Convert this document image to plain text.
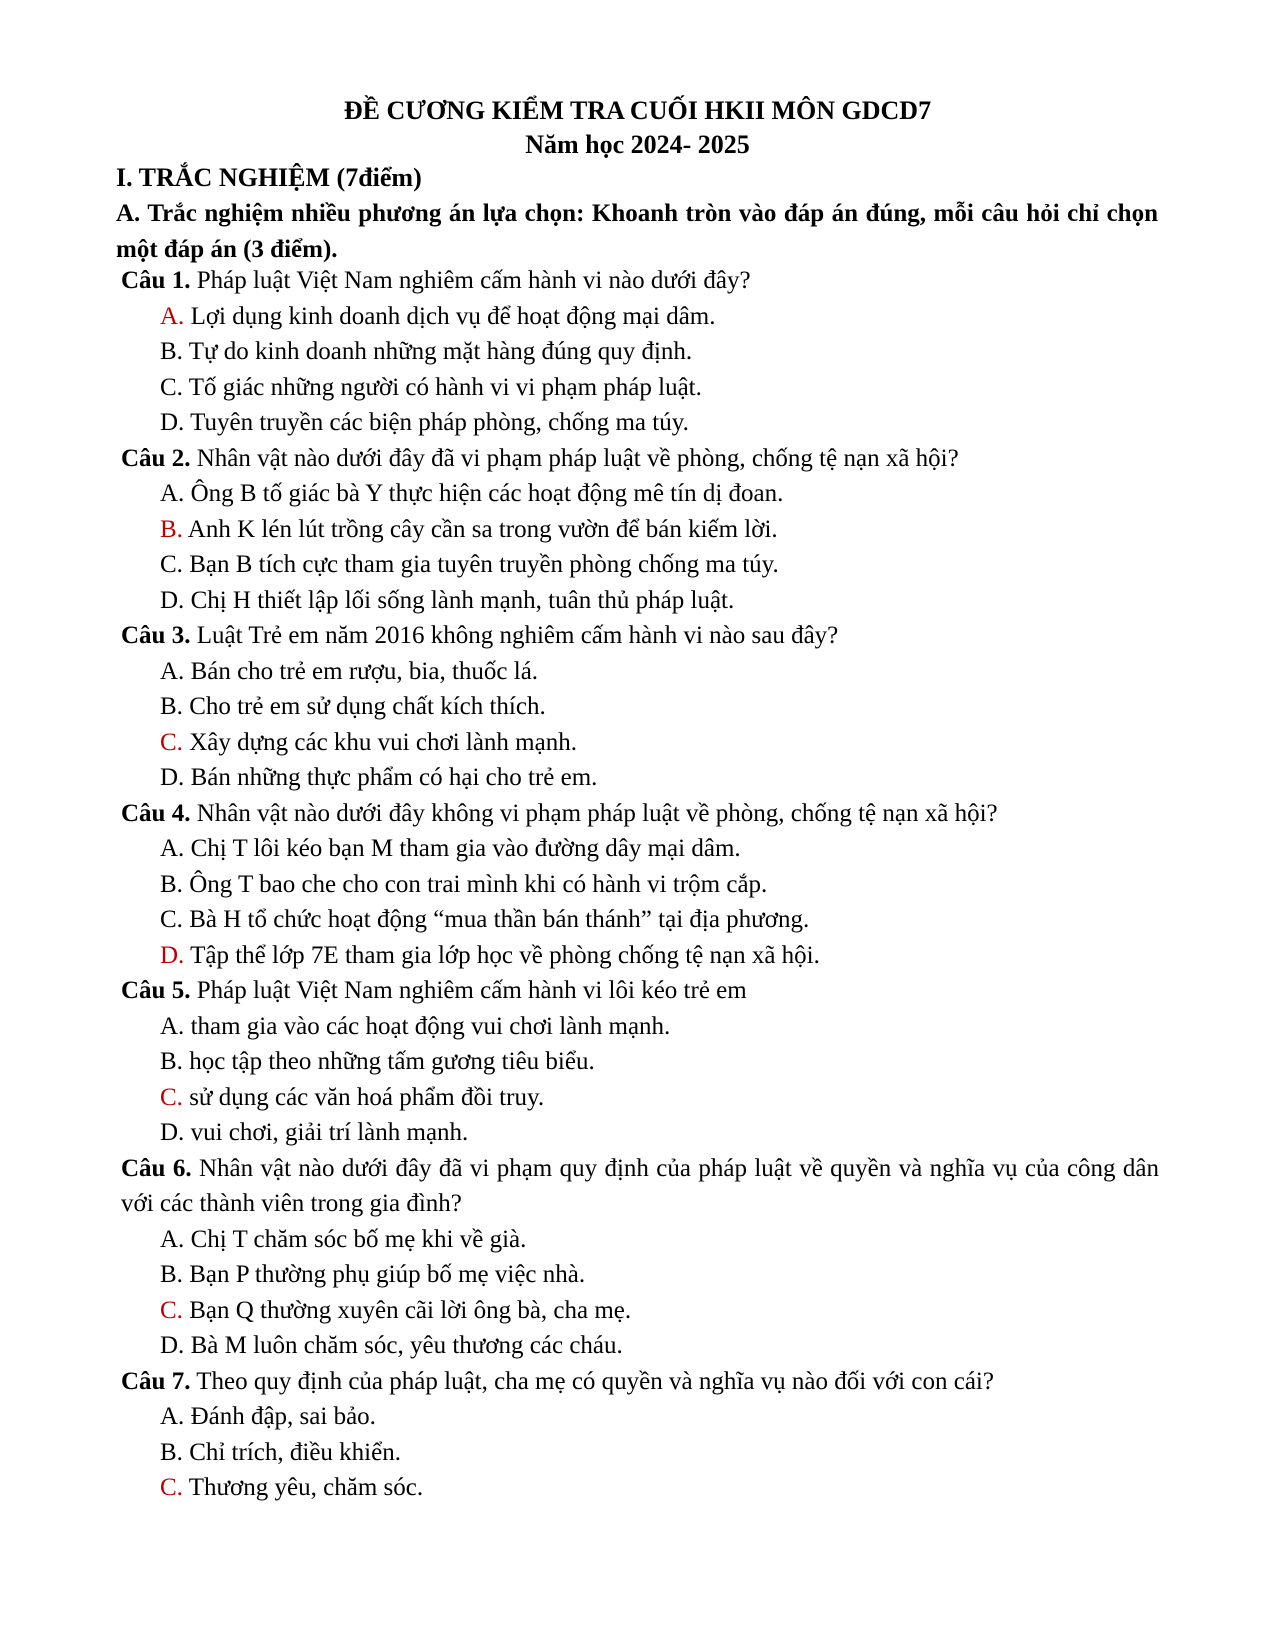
ĐỀ CƯƠNG KIỂM TRA CUỐI HKII MÔN GDCD7
Năm học 2024- 2025
I. TRẮC NGHIỆM (7điểm)
A. Trắc nghiệm nhiều phương án lựa chọn: Khoanh tròn vào đáp án đúng, mỗi câu hỏi chỉ chọn một đáp án (3 điểm).
Câu 1. Pháp luật Việt Nam nghiêm cấm hành vi nào dưới đây?
A. Lợi dụng kinh doanh dịch vụ để hoạt động mại dâm.
B. Tự do kinh doanh những mặt hàng đúng quy định.
C. Tố giác những người có hành vi vi phạm pháp luật.
D. Tuyên truyền các biện pháp phòng, chống ma túy.
Câu 2. Nhân vật nào dưới đây đã vi phạm pháp luật về phòng, chống tệ nạn xã hội?
A. Ông B tố giác bà Y thực hiện các hoạt động mê tín dị đoan.
B. Anh K lén lút trồng cây cần sa trong vườn để bán kiếm lời.
C. Bạn B tích cực tham gia tuyên truyền phòng chống ma túy.
D. Chị H thiết lập lối sống lành mạnh, tuân thủ pháp luật.
Câu 3. Luật Trẻ em năm 2016 không nghiêm cấm hành vi nào sau đây?
A. Bán cho trẻ em rượu, bia, thuốc lá.
B. Cho trẻ em sử dụng chất kích thích.
C. Xây dựng các khu vui chơi lành mạnh.
D. Bán những thực phẩm có hại cho trẻ em.
Câu 4. Nhân vật nào dưới đây không vi phạm pháp luật về phòng, chống tệ nạn xã hội?
A. Chị T lôi kéo bạn M tham gia vào đường dây mại dâm.
B. Ông T bao che cho con trai mình khi có hành vi trộm cắp.
C. Bà H tổ chức hoạt động “mua thần bán thánh” tại địa phương.
D. Tập thể lớp 7E tham gia lớp học về phòng chống tệ nạn xã hội.
Câu 5. Pháp luật Việt Nam nghiêm cấm hành vi lôi kéo trẻ em
A. tham gia vào các hoạt động vui chơi lành mạnh.
B. học tập theo những tấm gương tiêu biểu.
C. sử dụng các văn hoá phẩm đồi truy.
D. vui chơi, giải trí lành mạnh.
Câu 6. Nhân vật nào dưới đây đã vi phạm quy định của pháp luật về quyền và nghĩa vụ của công dân với các thành viên trong gia đình?
A. Chị T chăm sóc bố mẹ khi về già.
B. Bạn P thường phụ giúp bố mẹ việc nhà.
C. Bạn Q thường xuyên cãi lời ông bà, cha mẹ.
D. Bà M luôn chăm sóc, yêu thương các cháu.
Câu 7. Theo quy định của pháp luật, cha mẹ có quyền và nghĩa vụ nào đối với con cái?
A. Đánh đập, sai bảo.
B. Chỉ trích, điều khiển.
C. Thương yêu, chăm sóc.
